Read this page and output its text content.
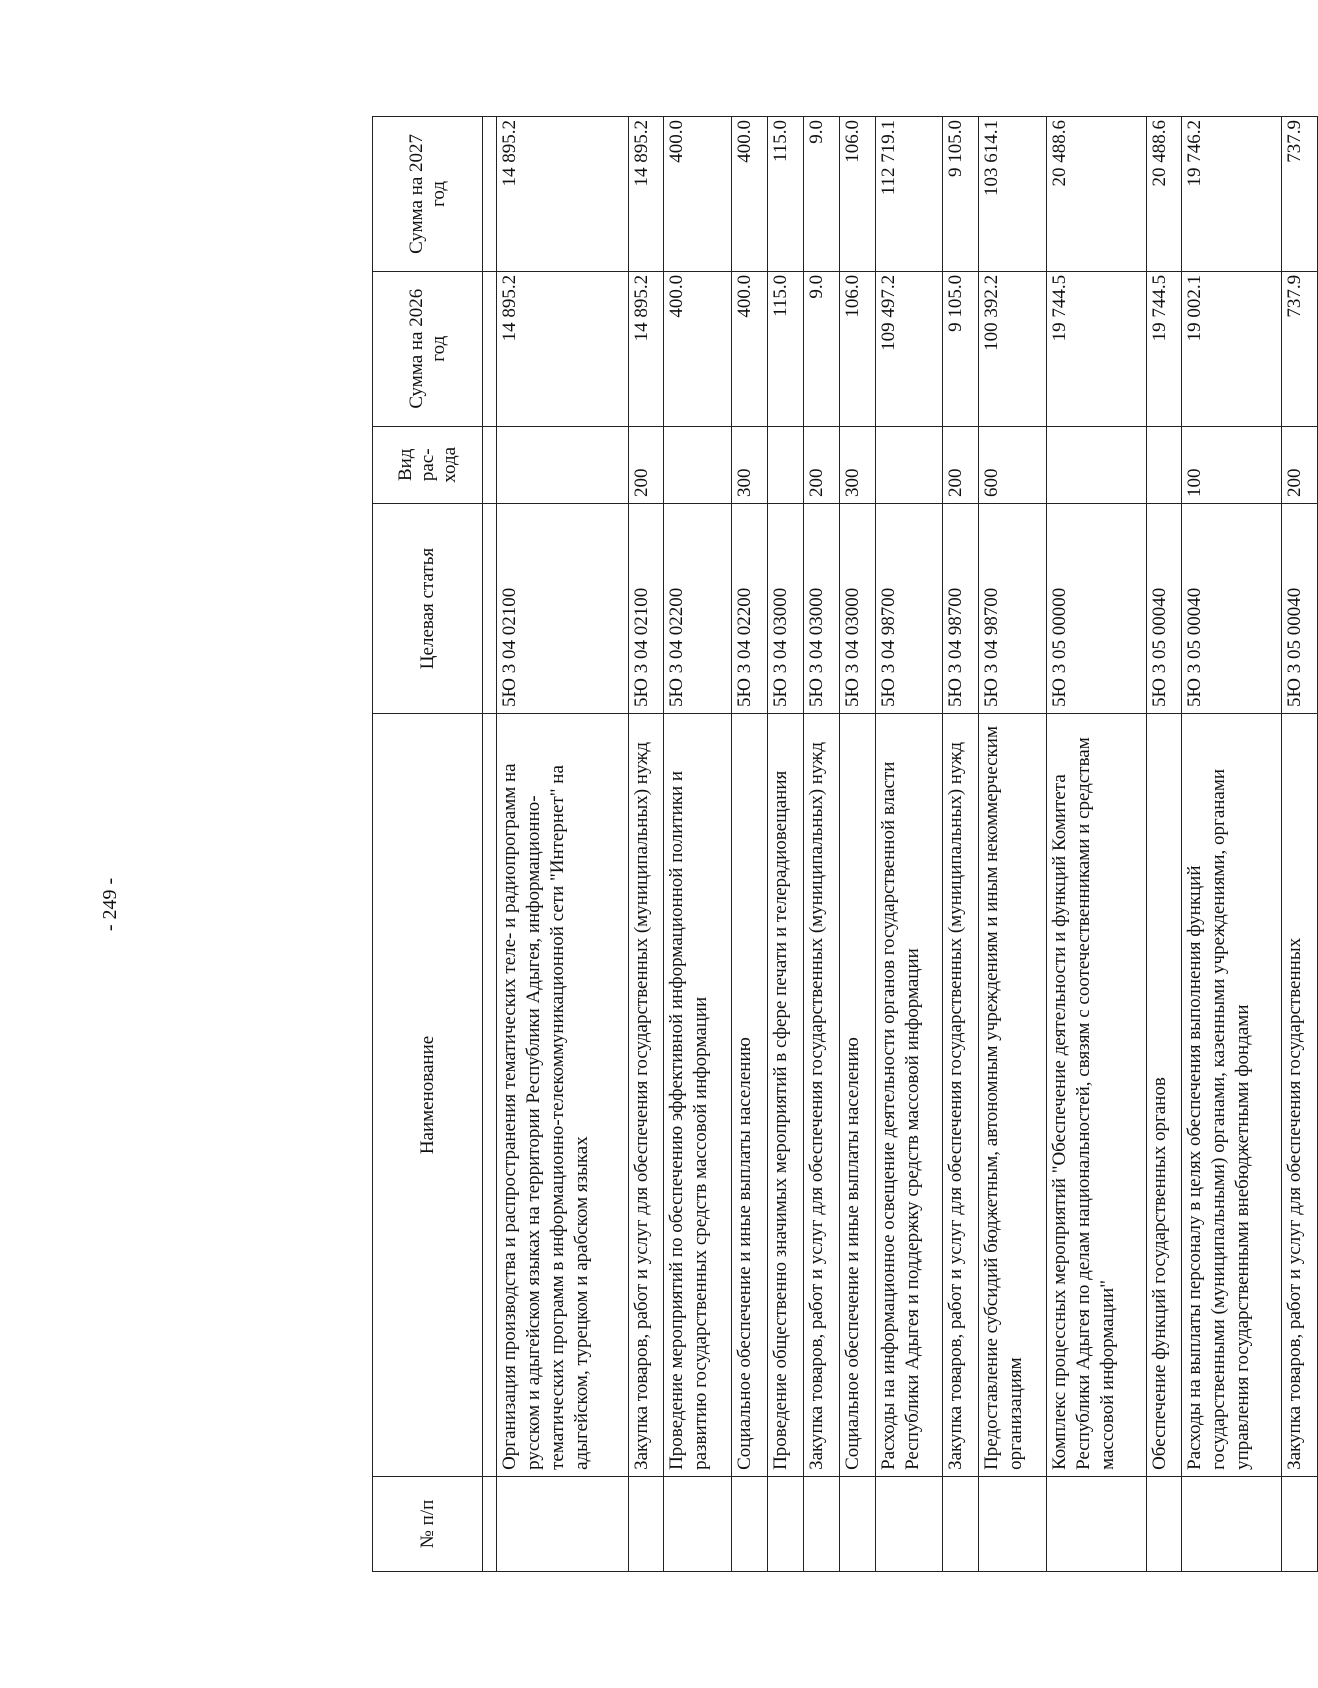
- 249 -
№ п/п	Наименование	Целевая статья	Вид рас- хода	Сумма на 2026 год	Сумма на 2027 год

	Организация производства и распространения тематических теле- и радиопрограмм на русском и адыгейском языках на территории Республики Адыгея, информационно-тематических программ в информационно-телекоммуникационной сети "Интернет" на адыгейском, турецком и арабском языках	5Ю 3 04 02100		14 895.2	14 895.2
	Закупка товаров, работ и услуг для обеспечения государственных (муниципальных) нужд	5Ю 3 04 02100	200	14 895.2	14 895.2
	Проведение мероприятий по обеспечению эффективной информационной политики и развитию государственных средств массовой информации	5Ю 3 04 02200		400.0	400.0
	Социальное обеспечение и иные выплаты населению	5Ю 3 04 02200	300	400.0	400.0
	Проведение общественно значимых мероприятий в сфере печати и телерадиовещания	5Ю 3 04 03000		115.0	115.0
	Закупка товаров, работ и услуг для обеспечения государственных (муниципальных) нужд	5Ю 3 04 03000	200	9.0	9.0
	Социальное обеспечение и иные выплаты населению	5Ю 3 04 03000	300	106.0	106.0
	Расходы на информационное освещение деятельности органов государственной власти Республики Адыгея и поддержку средств массовой информации	5Ю 3 04 98700		109 497.2	112 719.1
	Закупка товаров, работ и услуг для обеспечения государственных (муниципальных) нужд	5Ю 3 04 98700	200	9 105.0	9 105.0
	Предоставление субсидий бюджетным, автономным учреждениям и иным некоммерческим организациям	5Ю 3 04 98700	600	100 392.2	103 614.1
	Комплекс процессных мероприятий "Обеспечение деятельности и функций Комитета Республики Адыгея по делам национальностей, связям с соотечественниками и средствам массовой информации"	5Ю 3 05 00000		19 744.5	20 488.6
	Обеспечение функций государственных органов	5Ю 3 05 00040		19 744.5	20 488.6
	Расходы на выплаты персоналу в целях обеспечения выполнения функций государственными (муниципальными) органами, казенными учреждениями, органами управления государственными внебюджетными фондами	5Ю 3 05 00040	100	19 002.1	19 746.2
	Закупка товаров, работ и услуг для обеспечения государственных	5Ю 3 05 00040	200	737.9	737.9
